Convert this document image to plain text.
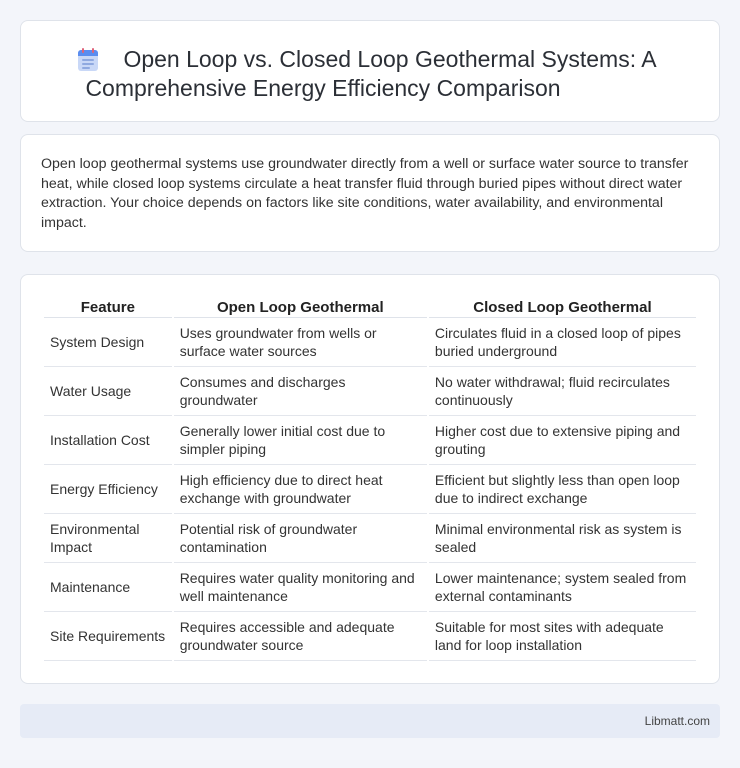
Open Loop vs. Closed Loop Geothermal Systems: A
Comprehensive Energy Efficiency Comparison

Open loop geothermal systems use groundwater directly from a well or surface water source to transfer heat, while closed loop systems circulate a heat transfer fluid through buried pipes without direct water extraction. Your choice depends on factors like site conditions, water availability, and environmental impact.

Feature	Open Loop Geothermal	Closed Loop Geothermal
System Design	Uses groundwater from wells or surface water sources	Circulates fluid in a closed loop of pipes buried underground
Water Usage	Consumes and discharges groundwater	No water withdrawal; fluid recirculates continuously
Installation Cost	Generally lower initial cost due to simpler piping	Higher cost due to extensive piping and grouting
Energy Efficiency	High efficiency due to direct heat exchange with groundwater	Efficient but slightly less than open loop due to indirect exchange
Environmental Impact	Potential risk of groundwater contamination	Minimal environmental risk as system is sealed
Maintenance	Requires water quality monitoring and well maintenance	Lower maintenance; system sealed from external contaminants
Site Requirements	Requires accessible and adequate groundwater source	Suitable for most sites with adequate land for loop installation
Libmatt.com
